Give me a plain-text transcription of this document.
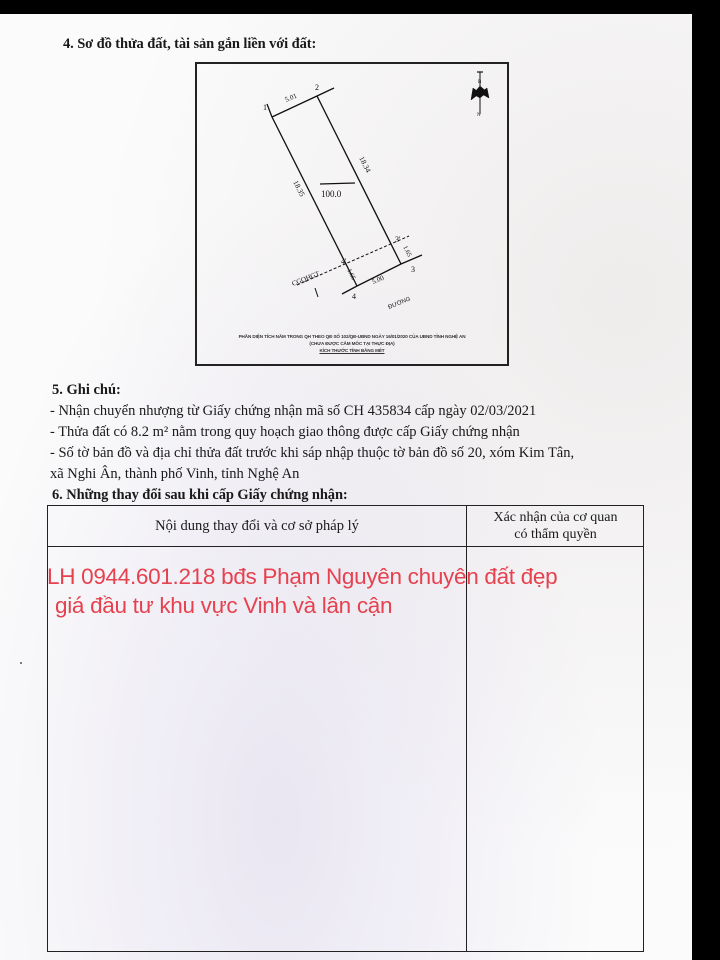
4. Sơ đồ thửa đất, tài sản gắn liền với đất:
1
2
3
4
3'
4'
5.01
18.34
18.35
5.00
1.65
1.65
100.0
CGQHGT
ĐƯỜNG
B
N
PHẦN DIỆN TÍCH NẰM TRONG QH THEO QĐ SỐ 102/QĐ-UBND NGÀY 16/01/2020 CỦA UBND TỈNH NGHỆ AN
(CHƯA ĐƯỢC CẮM MỐC TẠI THỰC ĐỊA)
KÍCH THƯỚC TÍNH BẰNG MÉT
5. Ghi chú:
- Nhận chuyển nhượng từ Giấy chứng nhận mã số CH 435834 cấp ngày 02/03/2021
- Thửa đất có 8.2 m² nằm trong quy hoạch giao thông được cấp Giấy chứng nhận
- Số tờ bản đồ và địa chỉ thửa đất trước khi sáp nhập thuộc tờ bản đồ số 20, xóm Kim Tân,
xã Nghi Ân, thành phố Vinh, tỉnh Nghệ An
6. Những thay đổi sau khi cấp Giấy chứng nhận:
Nội dung thay đổi và cơ sở pháp lý	Xác nhận của cơ quan
có thẩm quyền
LH 0944.601.218 bđs Phạm Nguyên chuyên đất đẹp
giá đầu tư khu vực Vinh và lân cận
